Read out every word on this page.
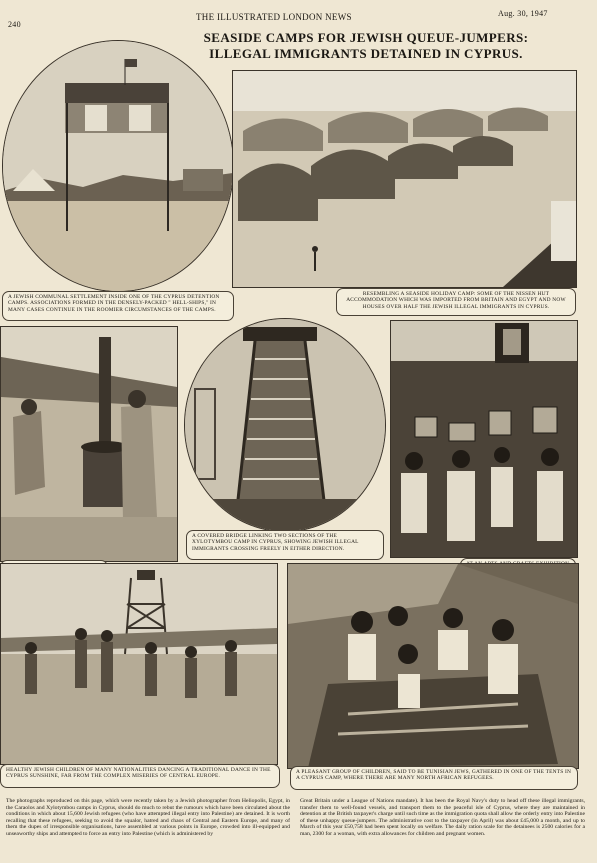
240
THE ILLUSTRATED LONDON NEWS	Aug. 30, 1947
SEASIDE CAMPS FOR JEWISH QUEUE-JUMPERS:
ILLEGAL IMMIGRANTS DETAINED IN CYPRUS.
A JEWISH COMMUNAL SETTLEMENT INSIDE ONE OF THE CYPRUS DETENTION CAMPS. ASSOCIATIONS FORMED IN THE DENSELY-PACKED " HELL-SHIPS," IN MANY CASES CONTINUE IN THE ROOMIER CIRCUMSTANCES OF THE CAMPS.
RESEMBLING A SEASIDE HOLIDAY CAMP: SOME OF THE NISSEN HUT ACCOMMODATION WHICH WAS IMPORTED FROM BRITAIN AND EGYPT AND NOW HOUSES OVER HALF THE JEWISH ILLEGAL IMMIGRANTS IN CYPRUS.
A COVERED BRIDGE LINKING TWO SECTIONS OF THE XYLOTYMBOU CAMP IN CYPRUS, SHOWING JEWISH ILLEGAL IMMIGRANTS CROSSING FREELY IN EITHER DIRECTION.
HEALTHY JEWISH CHILDREN OF MANY NATIONALITIES DANCING A TRADITIONAL DANCE IN THE CYPRUS SUNSHINE, FAR FROM THE COMPLEX MISERIES OF CENTRAL EUROPE.
A PLEASANT GROUP OF CHILDREN, SAID TO BE TUNISIAN JEWS, GATHERED IN ONE OF THE TENTS IN A CYPRUS CAMP, WHERE THERE ARE MANY NORTH AFRICAN REFUGEES.
The photographs reproduced on this page, which were recently taken by a Jewish photographer from Heliopolis, Egypt, in the Caraolos and Xylotymbou camps in Cyprus, should do much to rebut the rumours which have been circulated about the conditions in which about 15,600 Jewish refugees (who have attempted illegal entry into Palestine) are detained. It is worth recalling that these refugees, seeking to avoid the squalor, hatred and chaos of Central and Eastern Europe, and many of them the dupes of irresponsible organisations, have assembled at various points in Europe, crowded into ill-equipped and unseaworthy ships and attempted to force an entry into Palestine (which is administered by
Great Britain under a League of Nations mandate). It has been the Royal Navy's duty to head off these illegal immigrants, transfer them to well-found vessels, and transport them to the peaceful isle of Cyprus, where they are maintained in detention at the British taxpayer's charge until such time as the immigration quota shall allow the orderly entry into Palestine of these unhappy queue-jumpers. The administrative cost to the taxpayer (in April) was about £45,000 a month, and up to March of this year £50,758 had been spent locally on welfare. The daily ration scale for the detainees is 2500 calories for a man, 2300 for a woman, with extra allowances for children and pregnant women.
